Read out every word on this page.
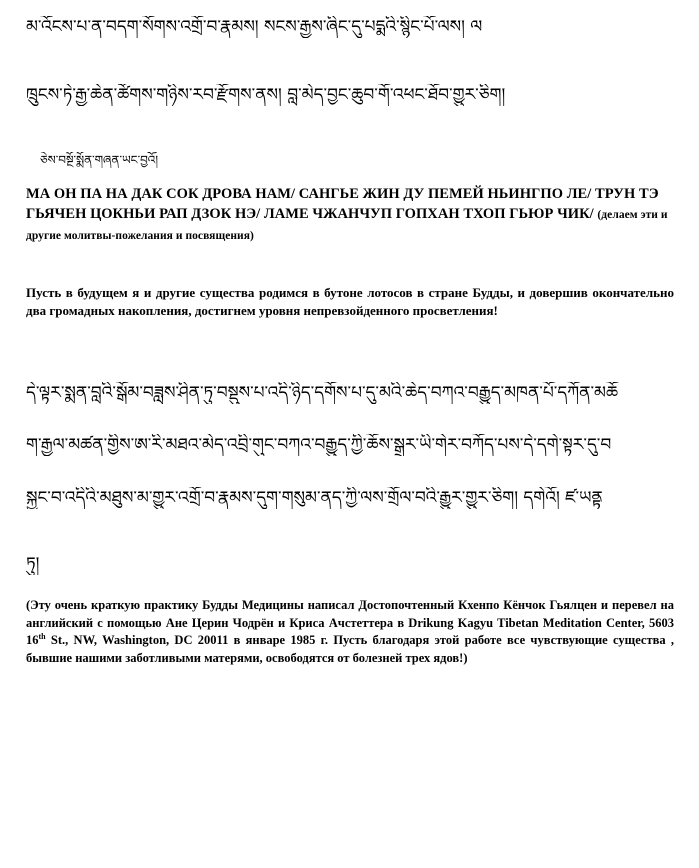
མ་འོངས་པ་ན་བདག་སོགས་འགྲོ་བ་རྣམས། སངས་རྒྱས་ཞིང་དུ་པདྨའི་སྙིང་པོ་ལས། ལ
ཁྲུངས་ཏེ་རྒྱ་ཆེན་ཚོགས་གཉིས་རབ་རྫོགས་ནས། བླ་མེད་བྱང་ཆུབ་གོ་འཕང་ཐོབ་གྱུར་ཅིག།
ཅེས་བསྔོ་སྨོན་གཞན་ཡང་བྱའོ།
МА ОН ПА НА ДАК СОК ДРОВА НАМ/ САНГЬЕ ЖИН ДУ ПЕМЕЙ НЬИНГПО ЛЕ/ ТРУН ТЭ ГЬЯЧЕН ЦОКНЬИ РАП ДЗОК НЭ/ ЛАМЕ ЧЖАНЧУП ГОПХАН ТХОП ГЬЮР ЧИК/ (делаем эти и другие молитвы-пожелания и посвящения)
Пусть в будущем я и другие существа родимся в бутоне лотосов в стране Будды, и довершив окончательно два громадных накопления, достигнем уровня непревзойденного просветления!
དེ་ལྟར་སྨན་བླའི་སྒོམ་བཟླས་ཤིན་ཏུ་བསྡུས་པ་འདི་ཉིད་དགོས་པ་དུ་མའི་ཆེད་བཀའ་བརྒྱུད་མཁན་པོ་དཀོན་མཆོ
ག་རྒྱལ་མཚན་གྱིས་ཨ་རི་མཐའ་མེད་འབྲི་གུང་བཀའ་བརྒྱུད་ཀྱི་ཆོས་སྒྲར་ཡི་གེར་བཀོད་པས་དེ་དགེ་སྟར་དུ་བ
སྐྱང་བ་འདིའི་མཐུས་མ་གྱུར་འགྲོ་བ་རྣམས་དུག་གསུམ་ནད་ཀྱི་ལས་གྲོལ་བའི་རྒྱུར་གྱུར་ཅིག། དགེའོ། ཛ་ཡནྟ
ཏུ།
(Эту очень краткую практику Будды Медицины написал Достопочтенный Кхенпо Кёнчок Гьялцен и перевел на английский с помощью Ане Церин Чодрён и Криса Ачстеттера в Drikung Kagyu Tibetan Meditation Center, 5603 16th St., NW, Washington, DC 20011 в январе 1985 г. Пусть благодаря этой работе все чувствующие существа , бывшие нашими заботливыми матерями, освободятся от болезней трех ядов!)
